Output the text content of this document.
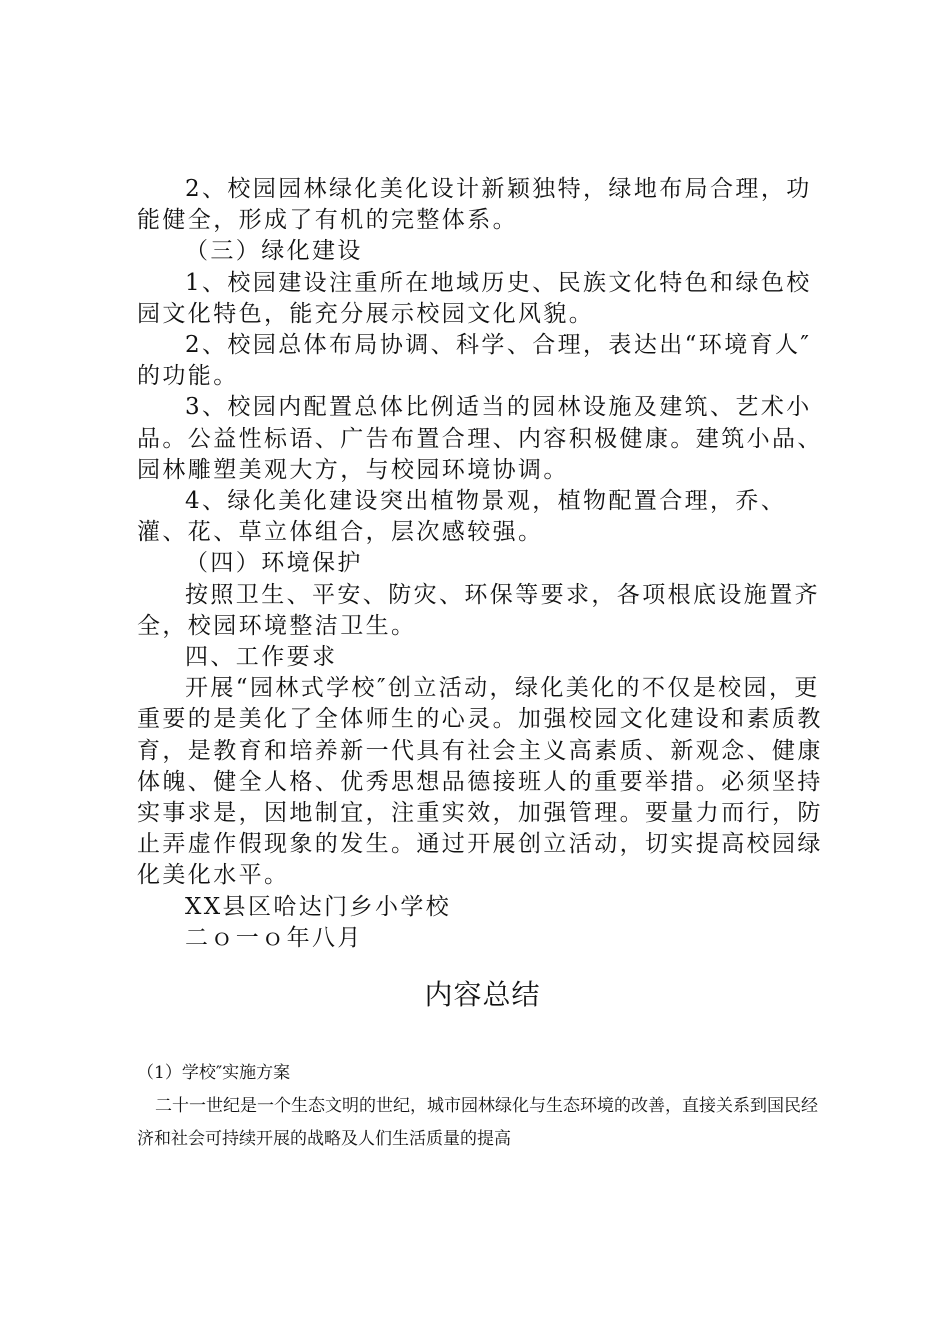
2、校园园林绿化美化设计新颖独特，绿地布局合理，功能健全，形成了有机的完整体系。

（三）绿化建设

1、校园建设注重所在地域历史、民族文化特色和绿色校园文化特色，能充分展示校园文化风貌。

2、校园总体布局协调、科学、合理，表达出“环境育人″的功能。

3、校园内配置总体比例适当的园林设施及建筑、艺术小品。公益性标语、广告布置合理、内容积极健康。建筑小品、园林雕塑美观大方，与校园环境协调。

4、绿化美化建设突出植物景观，植物配置合理，乔、灌、花、草立体组合，层次感较强。

（四）环境保护

按照卫生、平安、防灾、环保等要求，各项根底设施置齐全，校园环境整洁卫生。

四、工作要求

开展“园林式学校″创立活动，绿化美化的不仅是校园，更重要的是美化了全体师生的心灵。加强校园文化建设和素质教育，是教育和培养新一代具有社会主义高素质、新观念、健康体魄、健全人格、优秀思想品德接班人的重要举措。必须坚持实事求是，因地制宜，注重实效，加强管理。要量力而行，防止弄虚作假现象的发生。通过开展创立活动，切实提高校园绿化美化水平。

XX县区哈达门乡小学校

二ｏ一ｏ年八月

内容总结

（1）学校″实施方案

二十一世纪是一个生态文明的世纪，城市园林绿化与生态环境的改善，直接关系到国民经济和社会可持续开展的战略及人们生活质量的提高
